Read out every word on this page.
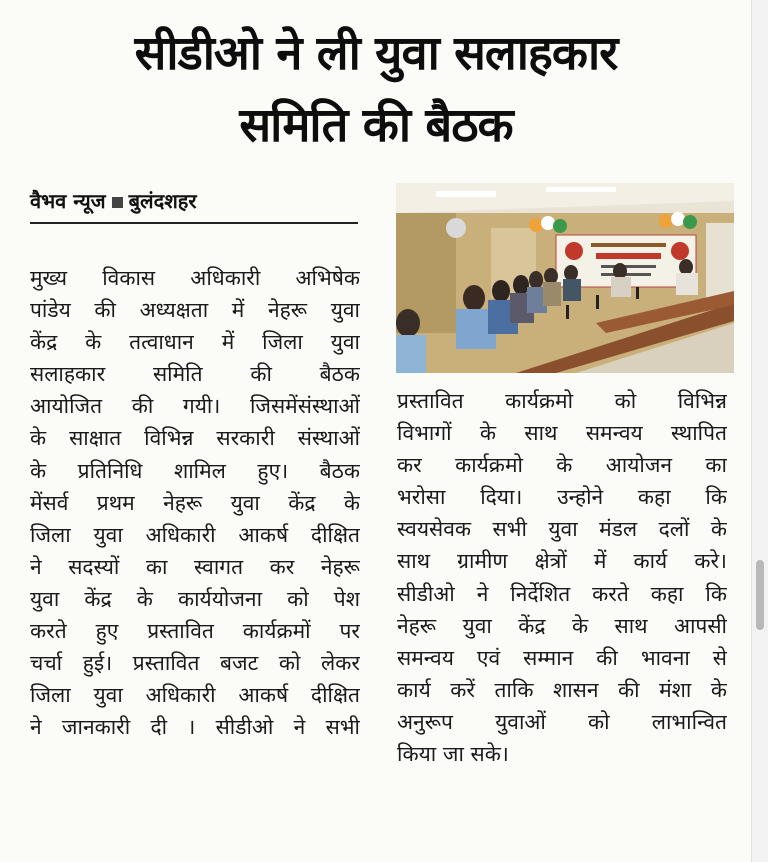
सीडीओ ने ली युवा सलाहकार
समिति की बैठक
वैभव न्यूज बुलंदशहर
मुख्य विकास अधिकारी अभिषेक
पांडेय की अध्यक्षता में नेहरू युवा
केंद्र के तत्वाधान में जिला युवा
सलाहकार समिति की बैठक
आयोजित की गयी। जिसमेंसंस्थाओं
के साक्षात विभिन्न सरकारी संस्थाओं
के प्रतिनिधि शामिल हुए। बैठक
मेंसर्व प्रथम नेहरू युवा केंद्र के
जिला युवा अधिकारी आकर्ष दीक्षित
ने सदस्यों का स्वागत कर नेहरू
युवा केंद्र के कार्ययोजना को पेश
करते हुए प्रस्तावित कार्यक्रमों पर
चर्चा हुई। प्रस्तावित बजट को लेकर
जिला युवा अधिकारी आकर्ष दीक्षित
ने जानकारी दी । सीडीओ ने सभी
प्रस्तावित कार्यक्रमो को विभिन्न
विभागों के साथ समन्वय स्थापित
कर कार्यक्रमो के आयोजन का
भरोसा दिया। उन्होने कहा कि
स्वयसेवक सभी युवा मंडल दलों के
साथ ग्रामीण क्षेत्रों में कार्य करे।
सीडीओ ने निर्देशित करते कहा कि
नेहरू युवा केंद्र के साथ आपसी
समन्वय एवं सम्मान की भावना से
कार्य करें ताकि शासन की मंशा के
अनुरूप युवाओं को लाभान्वित
किया जा सके।
